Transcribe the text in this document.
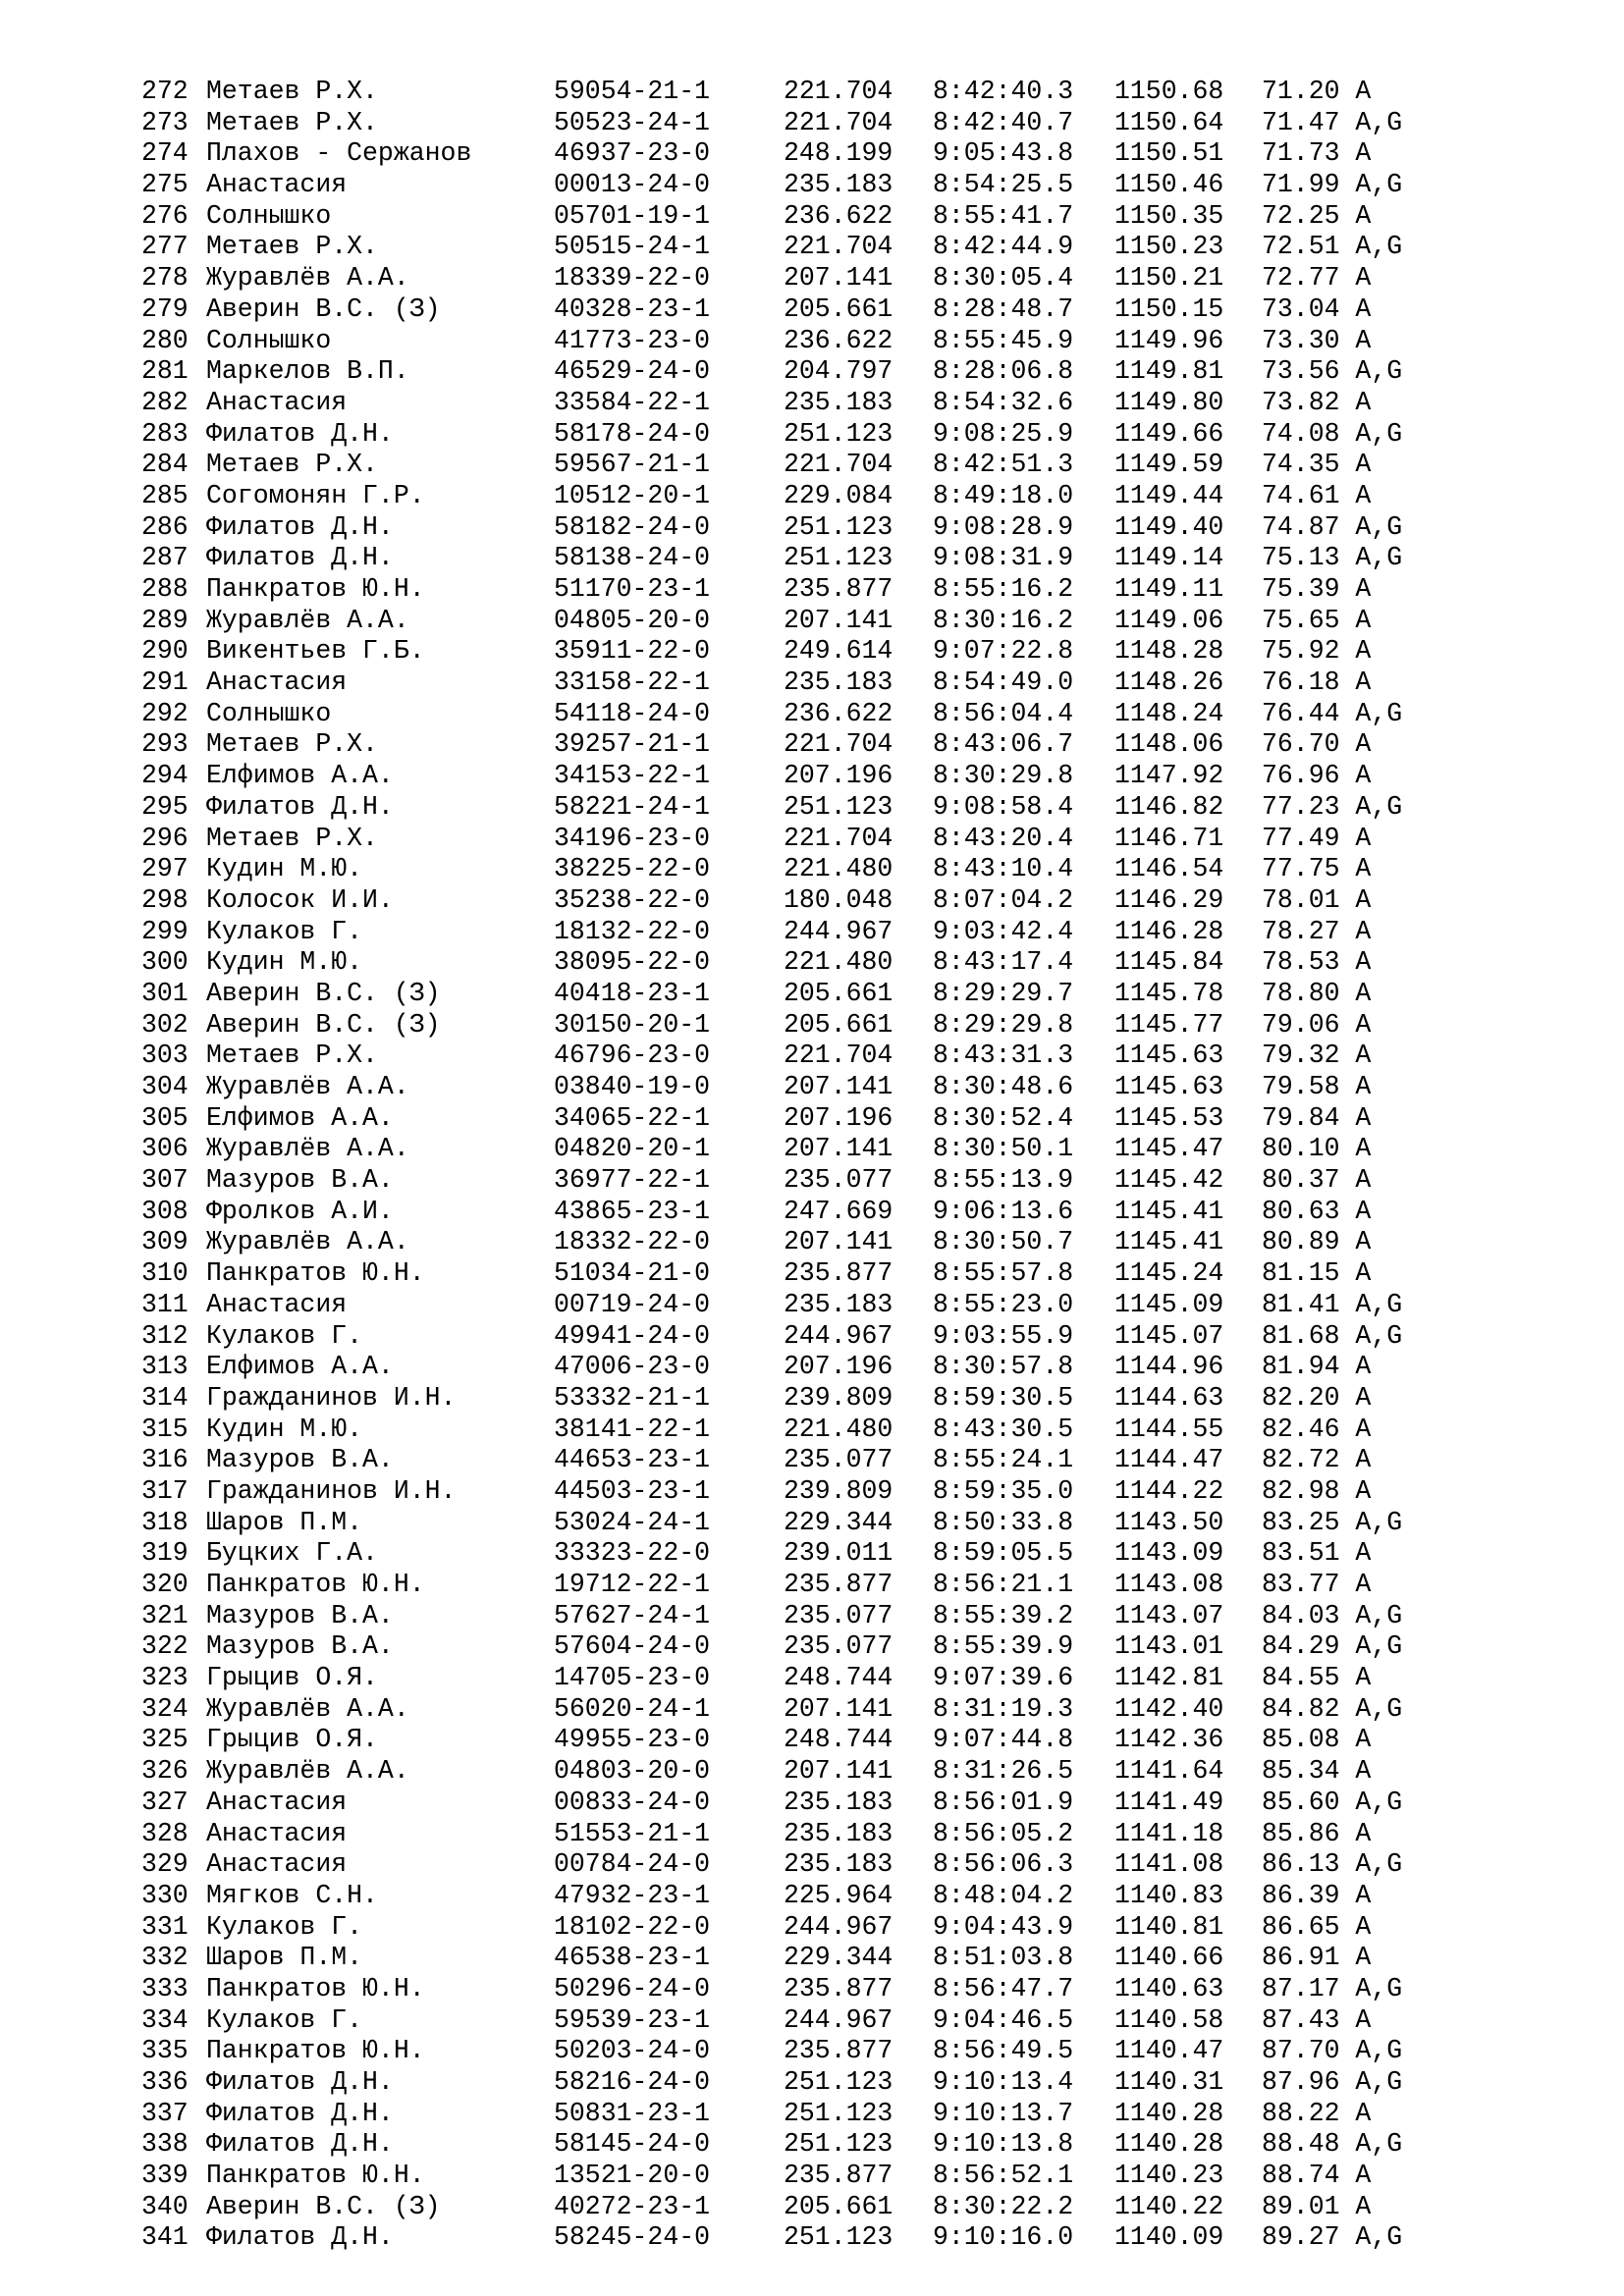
272 Метаев Р.Х.	59054-21-1	221.704 8:42:40.3 1150.68 71.20 A
273 Метаев Р.Х.	50523-24-1	221.704 8:42:40.7 1150.64 71.47 A,G
274 Плахов - Сержанов	46937-23-0	248.199 9:05:43.8 1150.51 71.73 A
275 Анастасия	00013-24-0	235.183 8:54:25.5 1150.46 71.99 A,G
276 Солнышко	05701-19-1	236.622 8:55:41.7 1150.35 72.25 A
277 Метаев Р.Х.	50515-24-1	221.704 8:42:44.9 1150.23 72.51 A,G
278 Журавлёв А.А.	18339-22-0	207.141 8:30:05.4 1150.21 72.77 A
279 Аверин В.С. (З)	40328-23-1	205.661 8:28:48.7 1150.15 73.04 A
280 Солнышко	41773-23-0	236.622 8:55:45.9 1149.96 73.30 A
281 Маркелов В.П.	46529-24-0	204.797 8:28:06.8 1149.81 73.56 A,G
282 Анастасия	33584-22-1	235.183 8:54:32.6 1149.80 73.82 A
283 Филатов Д.Н.	58178-24-0	251.123 9:08:25.9 1149.66 74.08 A,G
284 Метаев Р.Х.	59567-21-1	221.704 8:42:51.3 1149.59 74.35 A
285 Согомонян Г.Р.	10512-20-1	229.084 8:49:18.0 1149.44 74.61 A
286 Филатов Д.Н.	58182-24-0	251.123 9:08:28.9 1149.40 74.87 A,G
287 Филатов Д.Н.	58138-24-0	251.123 9:08:31.9 1149.14 75.13 A,G
288 Панкратов Ю.Н.	51170-23-1	235.877 8:55:16.2 1149.11 75.39 A
289 Журавлёв А.А.	04805-20-0	207.141 8:30:16.2 1149.06 75.65 A
290 Викентьев Г.Б.	35911-22-0	249.614 9:07:22.8 1148.28 75.92 A
291 Анастасия	33158-22-1	235.183 8:54:49.0 1148.26 76.18 A
292 Солнышко	54118-24-0	236.622 8:56:04.4 1148.24 76.44 A,G
293 Метаев Р.Х.	39257-21-1	221.704 8:43:06.7 1148.06 76.70 A
294 Елфимов А.А.	34153-22-1	207.196 8:30:29.8 1147.92 76.96 A
295 Филатов Д.Н.	58221-24-1	251.123 9:08:58.4 1146.82 77.23 A,G
296 Метаев Р.Х.	34196-23-0	221.704 8:43:20.4 1146.71 77.49 A
297 Кудин М.Ю.	38225-22-0	221.480 8:43:10.4 1146.54 77.75 A
298 Колосок И.И.	35238-22-0	180.048 8:07:04.2 1146.29 78.01 A
299 Кулаков Г.	18132-22-0	244.967 9:03:42.4 1146.28 78.27 A
300 Кудин М.Ю.	38095-22-0	221.480 8:43:17.4 1145.84 78.53 A
301 Аверин В.С. (З)	40418-23-1	205.661 8:29:29.7 1145.78 78.80 A
302 Аверин В.С. (З)	30150-20-1	205.661 8:29:29.8 1145.77 79.06 A
303 Метаев Р.Х.	46796-23-0	221.704 8:43:31.3 1145.63 79.32 A
304 Журавлёв А.А.	03840-19-0	207.141 8:30:48.6 1145.63 79.58 A
305 Елфимов А.А.	34065-22-1	207.196 8:30:52.4 1145.53 79.84 A
306 Журавлёв А.А.	04820-20-1	207.141 8:30:50.1 1145.47 80.10 A
307 Мазуров В.А.	36977-22-1	235.077 8:55:13.9 1145.42 80.37 A
308 Фролков А.И.	43865-23-1	247.669 9:06:13.6 1145.41 80.63 A
309 Журавлёв А.А.	18332-22-0	207.141 8:30:50.7 1145.41 80.89 A
310 Панкратов Ю.Н.	51034-21-0	235.877 8:55:57.8 1145.24 81.15 A
311 Анастасия	00719-24-0	235.183 8:55:23.0 1145.09 81.41 A,G
312 Кулаков Г.	49941-24-0	244.967 9:03:55.9 1145.07 81.68 A,G
313 Елфимов А.А.	47006-23-0	207.196 8:30:57.8 1144.96 81.94 A
314 Гражданинов И.Н.	53332-21-1	239.809 8:59:30.5 1144.63 82.20 A
315 Кудин М.Ю.	38141-22-1	221.480 8:43:30.5 1144.55 82.46 A
316 Мазуров В.А.	44653-23-1	235.077 8:55:24.1 1144.47 82.72 A
317 Гражданинов И.Н.	44503-23-1	239.809 8:59:35.0 1144.22 82.98 A
318 Шаров П.М.	53024-24-1	229.344 8:50:33.8 1143.50 83.25 A,G
319 Буцких Г.А.	33323-22-0	239.011 8:59:05.5 1143.09 83.51 A
320 Панкратов Ю.Н.	19712-22-1	235.877 8:56:21.1 1143.08 83.77 A
321 Мазуров В.А.	57627-24-1	235.077 8:55:39.2 1143.07 84.03 A,G
322 Мазуров В.А.	57604-24-0	235.077 8:55:39.9 1143.01 84.29 A,G
323 Грыцив О.Я.	14705-23-0	248.744 9:07:39.6 1142.81 84.55 A
324 Журавлёв А.А.	56020-24-1	207.141 8:31:19.3 1142.40 84.82 A,G
325 Грыцив О.Я.	49955-23-0	248.744 9:07:44.8 1142.36 85.08 A
326 Журавлёв А.А.	04803-20-0	207.141 8:31:26.5 1141.64 85.34 A
327 Анастасия	00833-24-0	235.183 8:56:01.9 1141.49 85.60 A,G
328 Анастасия	51553-21-1	235.183 8:56:05.2 1141.18 85.86 A
329 Анастасия	00784-24-0	235.183 8:56:06.3 1141.08 86.13 A,G
330 Мягков С.Н.	47932-23-1	225.964 8:48:04.2 1140.83 86.39 A
331 Кулаков Г.	18102-22-0	244.967 9:04:43.9 1140.81 86.65 A
332 Шаров П.М.	46538-23-1	229.344 8:51:03.8 1140.66 86.91 A
333 Панкратов Ю.Н.	50296-24-0	235.877 8:56:47.7 1140.63 87.17 A,G
334 Кулаков Г.	59539-23-1	244.967 9:04:46.5 1140.58 87.43 A
335 Панкратов Ю.Н.	50203-24-0	235.877 8:56:49.5 1140.47 87.70 A,G
336 Филатов Д.Н.	58216-24-0	251.123 9:10:13.4 1140.31 87.96 A,G
337 Филатов Д.Н.	50831-23-1	251.123 9:10:13.7 1140.28 88.22 A
338 Филатов Д.Н.	58145-24-0	251.123 9:10:13.8 1140.28 88.48 A,G
339 Панкратов Ю.Н.	13521-20-0	235.877 8:56:52.1 1140.23 88.74 A
340 Аверин В.С. (З)	40272-23-1	205.661 8:30:22.2 1140.22 89.01 A
341 Филатов Д.Н.	58245-24-0	251.123 9:10:16.0 1140.09 89.27 A,G
